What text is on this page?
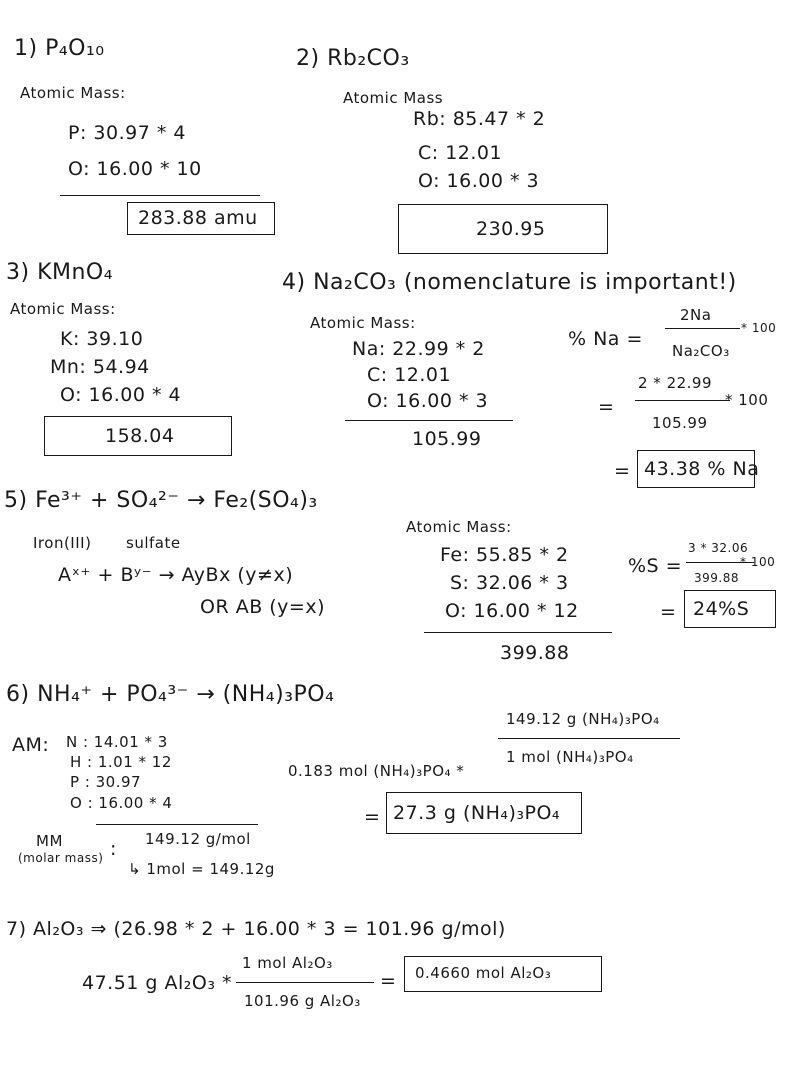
1) P₄O₁₀
Atomic Mass:
P: 30.97 * 4
O: 16.00 * 10
283.88 amu
2) Rb₂CO₃
Atomic Mass
Rb: 85.47 * 2
C: 12.01
O: 16.00 * 3
230.95
3) KMnO₄
Atomic Mass:
K: 39.10
Mn: 54.94
O: 16.00 * 4
158.04
4) Na₂CO₃ (nomenclature is important!)
Atomic Mass:
Na: 22.99 * 2
C: 12.01
O: 16.00 * 3
105.99
% Na =
2Na
Na₂CO₃
* 100
=
2 * 22.99
105.99
* 100
= 43.38 % Na
5) Fe³⁺ + SO₄²⁻ → Fe₂(SO₄)₃
Iron(III) sulfate
Aˣ⁺ + Bʸ⁻ → AyBx (y≠x)
OR AB (y=x)
Atomic Mass:
Fe: 55.85 * 2
S: 32.06 * 3
O: 16.00 * 12
399.88
%S =
3 * 32.06
399.88
* 100
= 24%S
6) NH₄⁺ + PO₄³⁻ → (NH₄)₃PO₄
AM: N : 14.01 * 3
H : 1.01 * 12
P : 30.97
O : 16.00 * 4
MM
(molar mass) : 149.12 g/mol
↳ 1mol = 149.12g
0.183 mol (NH₄)₃PO₄ *
149.12 g (NH₄)₃PO₄
1 mol (NH₄)₃PO₄
= 27.3 g (NH₄)₃PO₄
7) Al₂O₃ ⇒ (26.98 * 2 + 16.00 * 3 = 101.96 g/mol)
47.51 g Al₂O₃ *
1 mol Al₂O₃
101.96 g Al₂O₃
= 0.4660 mol Al₂O₃
